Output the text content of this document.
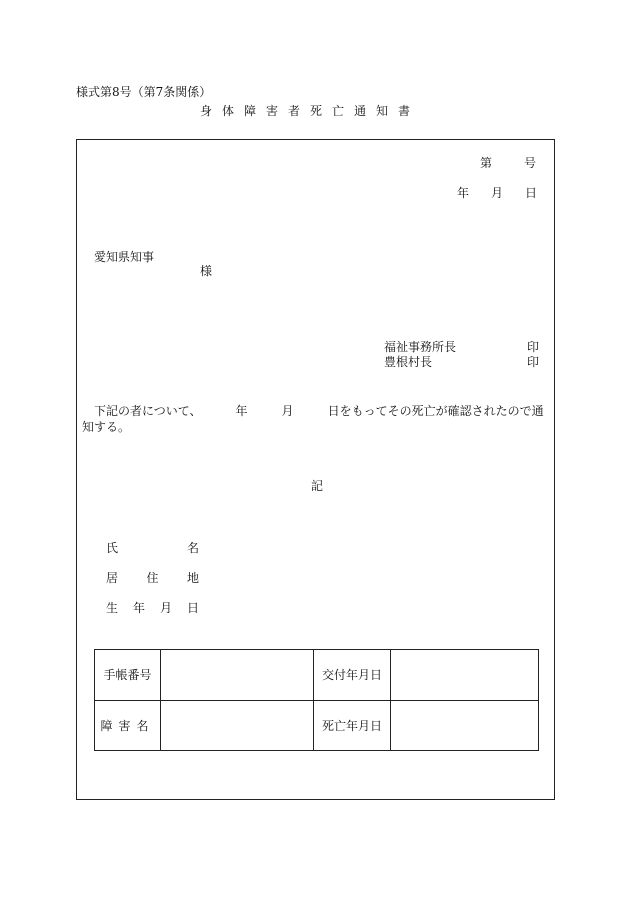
様式第8号（第7条関係）
身体障害者死亡通知書
第	号
年 月 日
愛知県知事
様
福祉事務所長	印
豊根村長	印
下記の者について、	年	月	日をもってその死亡が確認されたので通知する。
記
氏	名
居 住 地
生 年 月 日
手帳番号		交付年月日	
障害名		死亡年月日	
